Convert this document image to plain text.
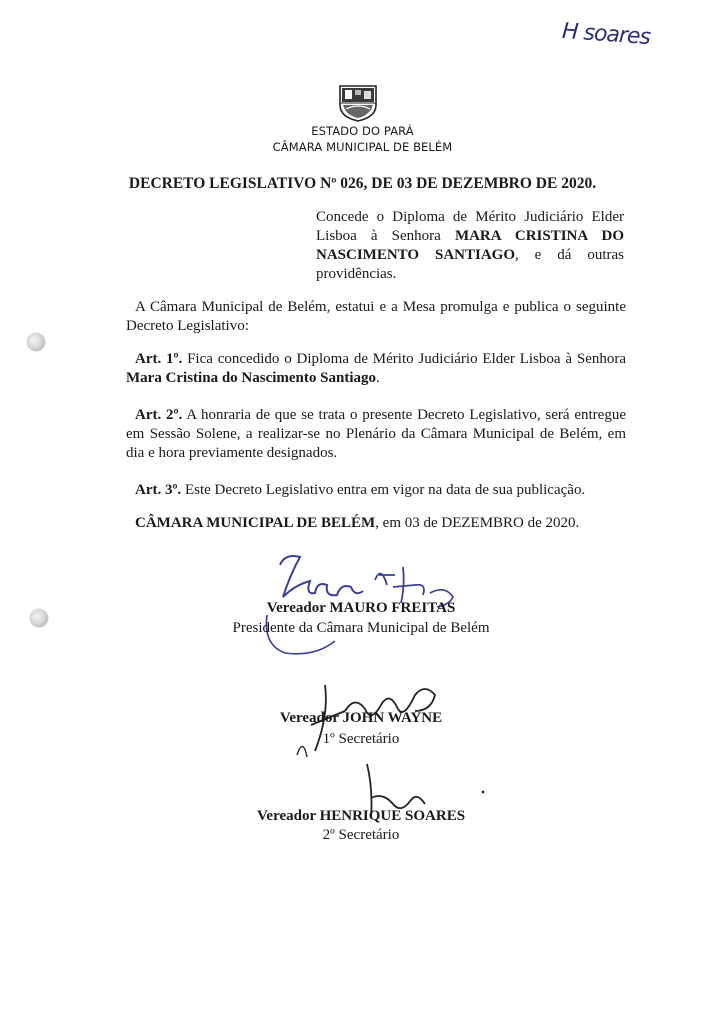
H soares
ESTADO DO PARÁ
CÂMARA MUNICIPAL DE BELÉM
DECRETO LEGISLATIVO Nº 026, DE 03 DE DEZEMBRO DE 2020.
Concede o Diploma de Mérito Judiciário Elder Lisboa à Senhora MARA CRISTINA DO NASCIMENTO SANTIAGO, e dá outras providências.
A Câmara Municipal de Belém, estatui e a Mesa promulga e publica o seguinte Decreto Legislativo:
Art. 1º. Fica concedido o Diploma de Mérito Judiciário Elder Lisboa à Senhora Mara Cristina do Nascimento Santiago.
Art. 2º. A honraria de que se trata o presente Decreto Legislativo, será entregue em Sessão Solene, a realizar-se no Plenário da Câmara Municipal de Belém, em dia e hora previamente designados.
Art. 3º. Este Decreto Legislativo entra em vigor na data de sua publicação.
CÂMARA MUNICIPAL DE BELÉM, em 03 de DEZEMBRO de 2020.
Vereador MAURO FREITAS
Presidente da Câmara Municipal de Belém
Vereador JOHN WAYNE
1º Secretário
Vereador HENRIQUE SOARES
2º Secretário
